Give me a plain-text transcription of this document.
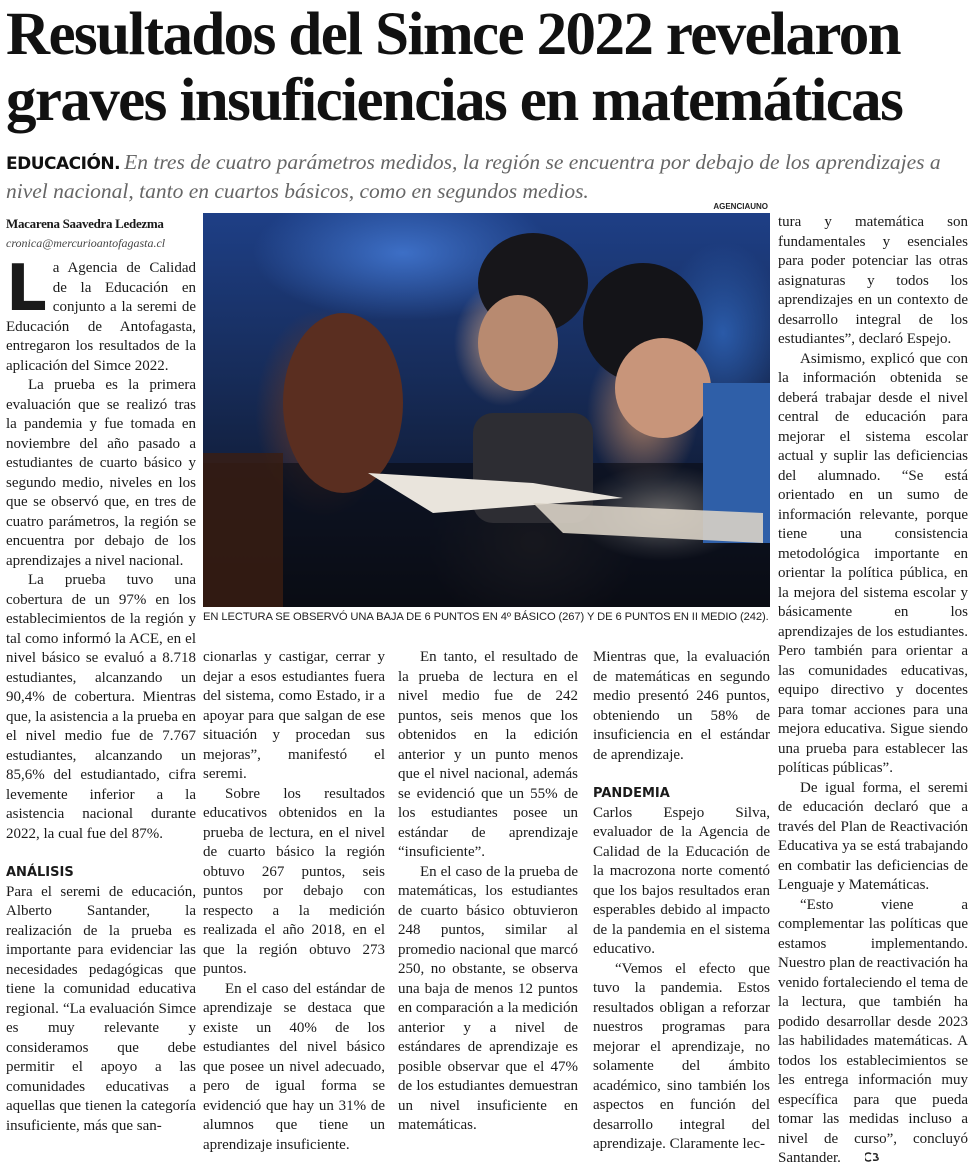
Resultados del Simce 2022 revelaron
graves insuficiencias en matemáticas
EDUCACIÓN. En tres de cuatro parámetros medidos, la región se encuentra por debajo de los aprendizajes a nivel nacional, tanto en cuartos básicos, como en segundos medios.
Macarena Saavedra Ledezma
cronica@mercurioantofagasta.cl
AGENCIAUNO
EN LECTURA SE OBSERVÓ UNA BAJA DE 6 PUNTOS EN 4º BÁSICO (267) Y DE 6 PUNTOS EN II MEDIO (242).
L a Agencia de Calidad de la Educación en conjunto a la seremi de Educación de Antofagasta, entregaron los resultados de la aplicación del Simce 2022.

La prueba es la primera evaluación que se realizó tras la pandemia y fue tomada en noviembre del año pasado a estudiantes de cuarto básico y segundo medio, niveles en los que se observó que, en tres de cuatro parámetros, la región se encuentra por debajo de los aprendizajes a nivel nacional.

La prueba tuvo una cobertura de un 97% en los establecimientos de la región y tal como informó la ACE, en el nivel básico se evaluó a 8.718 estudiantes, alcanzando un 90,4% de cobertura. Mientras que, la asistencia a la prueba en el nivel medio fue de 7.767 estudiantes, alcanzando un 85,6% del estudiantado, cifra levemente inferior a la asistencia nacional durante 2022, la cual fue del 87%.

ANÁLISIS

Para el seremi de educación, Alberto Santander, la realización de la prueba es importante para evidenciar las necesidades pedagógicas que tiene la comunidad educativa regional. “La evaluación Simce es muy relevante y consideramos que debe permitir el apoyo a las comunidades educativas a aquellas que tienen la categoría insuficiente, más que san-

cionarlas y castigar, cerrar y dejar a esos estudiantes fuera del sistema, como Estado, ir a apoyar para que salgan de ese situación y procedan sus mejoras”, manifestó el seremi.

Sobre los resultados educativos obtenidos en la prueba de lectura, en el nivel de cuarto básico la región obtuvo 267 puntos, seis puntos por debajo con respecto a la medición realizada el año 2018, en el que la región obtuvo 273 puntos.

En el caso del estándar de aprendizaje se destaca que existe un 40% de los estudiantes del nivel básico que posee un nivel adecuado, pero de igual forma se evidenció que hay un 31% de alumnos que tiene un aprendizaje insuficiente.

En tanto, el resultado de la prueba de lectura en el nivel medio fue de 242 puntos, seis menos que los obtenidos en la edición anterior y un punto menos que el nivel nacional, además se evidenció que un 55% de los estudiantes posee un estándar de aprendizaje “insuficiente”.

En el caso de la prueba de matemáticas, los estudiantes de cuarto básico obtuvieron 248 puntos, similar al promedio nacional que marcó 250, no obstante, se observa una baja de menos 12 puntos en comparación a la medición anterior y a nivel de estándares de aprendizaje es posible observar que el 47% de los estudiantes demuestran un nivel insuficiente en matemáticas.

Mientras que, la evaluación de matemáticas en segundo medio presentó 246 puntos, obteniendo un 58% de insuficiencia en el estándar de aprendizaje.

PANDEMIA

Carlos Espejo Silva, evaluador de la Agencia de Calidad de la Educación de la macrozona norte comentó que los bajos resultados eran esperables debido al impacto de la pandemia en el sistema educativo.

“Vemos el efecto que tuvo la pandemia. Estos resultados obligan a reforzar nuestros programas para mejorar el aprendizaje, no solamente del ámbito académico, sino también los aspectos en función del desarrollo integral del aprendizaje. Claramente lec-

tura y matemática son fundamentales y esenciales para poder potenciar las otras asignaturas y todos los aprendizajes en un contexto de desarrollo integral de los estudiantes”, declaró Espejo.

Asimismo, explicó que con la información obtenida se deberá trabajar desde el nivel central de educación para mejorar el sistema escolar actual y suplir las deficiencias del alumnado. “Se está orientado en un sumo de información relevante, porque tiene una consistencia metodológica importante en orientar la política pública, en la mejora del sistema escolar y básicamente en los aprendizajes de los estudiantes. Pero también para orientar a las comunidades educativas, equipo directivo y docentes para tomar acciones para una mejora educativa. Sigue siendo una prueba para establecer las políticas públicas”.

De igual forma, el seremi de educación declaró que a través del Plan de Reactivación Educativa ya se está trabajando en combatir las deficiencias de Lenguaje y Matemáticas.

“Esto viene a complementar las políticas que estamos implementando. Nuestro plan de reactivación ha venido fortaleciendo el tema de la lectura, que también ha podido desarrollar desde 2023 las habilidades matemáticas. A todos los establecimientos se les entrega información muy específica para que pueda tomar las medidas incluso a nivel de curso”, concluyó Santander.
